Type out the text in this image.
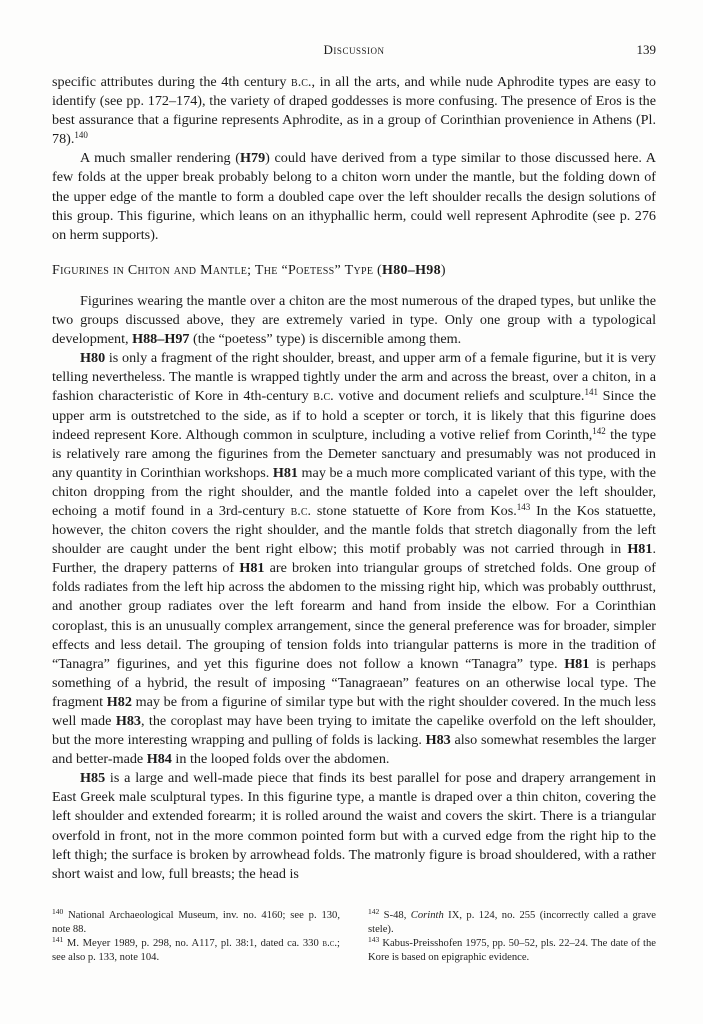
Discussion	139

specific attributes during the 4th century b.c., in all the arts, and while nude Aphrodite types are easy to identify (see pp. 172–174), the variety of draped goddesses is more confusing. The presence of Eros is the best assurance that a figurine represents Aphrodite, as in a group of Corinthian provenience in Athens (Pl. 78).$^{140}$

A much smaller rendering (H79) could have derived from a type similar to those discussed here. A few folds at the upper break probably belong to a chiton worn under the mantle, but the folding down of the upper edge of the mantle to form a doubled cape over the left shoulder recalls the design solutions of this group. This figurine, which leans on an ithyphallic herm, could well represent Aphrodite (see p. 276 on herm supports).

Figurines in Chiton and Mantle; The “Poetess” Type (H80–H98)

Figurines wearing the mantle over a chiton are the most numerous of the draped types, but unlike the two groups discussed above, they are extremely varied in type. Only one group with a typological development, H88–H97 (the “poetess” type) is discernible among them.

H80 is only a fragment of the right shoulder, breast, and upper arm of a female figurine, but it is very telling nevertheless. The mantle is wrapped tightly under the arm and across the breast, over a chiton, in a fashion characteristic of Kore in 4th-century b.c. votive and document reliefs and sculpture.$^{141}$ Since the upper arm is outstretched to the side, as if to hold a scepter or torch, it is likely that this figurine does indeed represent Kore. Although common in sculpture, including a votive relief from Corinth,$^{142}$ the type is relatively rare among the figurines from the Demeter sanctuary and presumably was not produced in any quantity in Corinthian workshops. H81 may be a much more complicated variant of this type, with the chiton dropping from the right shoulder, and the mantle folded into a capelet over the left shoulder, echoing a motif found in a 3rd-century b.c. stone statuette of Kore from Kos.$^{143}$ In the Kos statuette, however, the chiton covers the right shoulder, and the mantle folds that stretch diagonally from the left shoulder are caught under the bent right elbow; this motif probably was not carried through in H81. Further, the drapery patterns of H81 are broken into triangular groups of stretched folds. One group of folds radiates from the left hip across the abdomen to the missing right hip, which was probably outthrust, and another group radiates over the left forearm and hand from inside the elbow. For a Corinthian coroplast, this is an unusually complex arrangement, since the general preference was for broader, simpler effects and less detail. The grouping of tension folds into triangular patterns is more in the tradition of “Tanagra” figurines, and yet this figurine does not follow a known “Tanagra” type. H81 is perhaps something of a hybrid, the result of imposing “Tanagraean” features on an otherwise local type. The fragment H82 may be from a figurine of similar type but with the right shoulder covered. In the much less well made H83, the coroplast may have been trying to imitate the capelike overfold on the left shoulder, but the more interesting wrapping and pulling of folds is lacking. H83 also somewhat resembles the larger and better-made H84 in the looped folds over the abdomen.

H85 is a large and well-made piece that finds its best parallel for pose and drapery arrangement in East Greek male sculptural types. In this figurine type, a mantle is draped over a thin chiton, covering the left shoulder and extended forearm; it is rolled around the waist and covers the skirt. There is a triangular overfold in front, not in the more common pointed form but with a curved edge from the right hip to the left thigh; the surface is broken by arrowhead folds. The matronly figure is broad shouldered, with a rather short waist and low, full breasts; the head is

$^{140}$ National Archaeological Museum, inv. no. 4160; see p. 130, note 88.

$^{141}$ M. Meyer 1989, p. 298, no. A117, pl. 38:1, dated ca. 330 b.c.; see also p. 133, note 104.

$^{142}$ S-48, Corinth IX, p. 124, no. 255 (incorrectly called a grave stele).

$^{143}$ Kabus-Preisshofen 1975, pp. 50–52, pls. 22–24. The date of the Kore is based on epigraphic evidence.
